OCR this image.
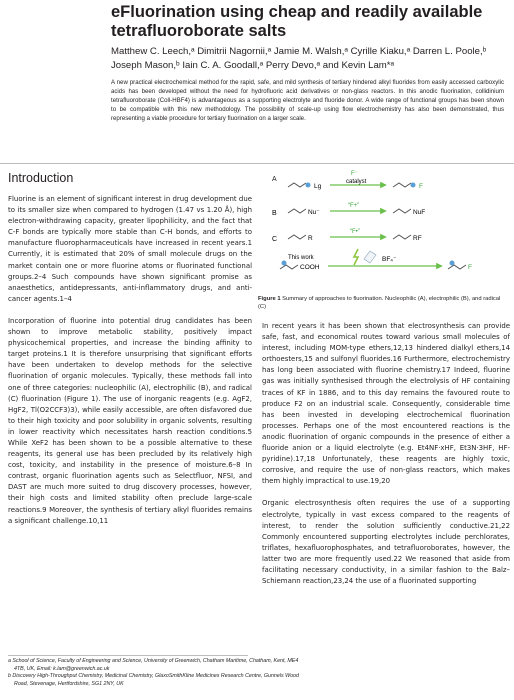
eFluorination using cheap and readily available tetrafluoroborate salts
Matthew C. Leech,ᵃ Dimitrii Nagornii,ᵃ Jamie M. Walsh,ᵃ Cyrille Kiaku,ᵃ Darren L. Poole,ᵇ
Joseph Mason,ᵇ Iain C. A. Goodall,ᵃ Perry Devo,ᵃ and Kevin Lam*ᵃ
A new practical electrochemical method for the rapid, safe, and mild synthesis of tertiary hindered alkyl fluorides from easily accessed carboxylic acids has been developed without the need for hydrofluoric acid derivatives or non-glass reactors. In this anodic fluorination, collidinium tetrafluoroborate (Coll-HBF4) is advantageous as a supporting electrolyte and fluoride donor. A wide range of functional groups has been shown to be compatible with this new methodology. The possibility of scale-up using flow electrochemistry has also been demonstrated, thus representing a viable procedure for tertiary fluorination on a larger scale.
Introduction

Fluorine is an element of significant interest in drug development due to its smaller size when compared to hydrogen (1.47 vs 1.20 Å), high electron-withdrawing capacity, greater lipophilicity, and the fact that C-F bonds are typically more stable than C-H bonds, and efforts to manufacture fluoropharmaceuticals have increased in recent years.1 Currently, it is estimated that 20% of small molecule drugs on the market contain one or more fluorine atoms or fluorinated functional groups.2–4 Such compounds have shown significant promise as anaesthetics, antidepressants, anti-inflammatory drugs, and anti-cancer agents.1–4

Incorporation of fluorine into potential drug candidates has been shown to improve metabolic stability, positively impact physicochemical properties, and increase the binding affinity to target proteins.1 It is therefore unsurprising that significant efforts have been undertaken to develop methods for the selective fluorination of organic molecules. Typically, these methods fall into one of three categories: nucleophilic (A), electrophilic (B), and radical (C) fluorination (Figure 1). The use of inorganic reagents (e.g. AgF2, HgF2, Tl(O2CCF3)3), while easily accessible, are often disfavored due to their high toxicity and poor solubility in organic solvents, resulting in lower reactivity which necessitates harsh reaction conditions.5 While XeF2 has been shown to be a possible alternative to these reagents, its general use has been precluded by its relatively high cost, toxicity, and instability in the presence of moisture.6–8 In contrast, organic fluorination agents such as Selectfluor, NFSI, and DAST are much more suited to drug discovery processes, however, their high costs and limited stability often preclude large-scale reactions.9 Moreover, the synthesis of tertiary alkyl fluorides remains a significant challenge.10,11

A
Lg
F⁻
catalyst
F
B	Nu⁻
“F+”
NuF
C	R
“F•”
RF
This work
COOH
BF₄⁻
F
Figure 1 Summary of approaches to fluorination. Nucleophilic (A), electrophilic (B), and radical (C)

In recent years it has been shown that electrosynthesis can provide safe, fast, and economical routes toward various small molecules of interest, including MOM-type ethers,12,13 hindered dialkyl ethers,14 orthoesters,15 and sulfonyl fluorides.16 Furthermore, electrochemistry has long been associated with fluorine chemistry.17 Indeed, fluorine gas was initially synthesised through the electrolysis of HF containing traces of KF in 1886, and to this day remains the favoured route to produce F2 on an industrial scale. Consequently, considerable time has been invested in developing electrochemical fluorination processes. Perhaps one of the most encountered reactions is the anodic fluorination of organic compounds in the presence of either a fluoride anion or a liquid electrolyte (e.g. Et4NF·xHF, Et3N·3HF, HF-pyridine).17,18 Unfortunately, these reagents are highly toxic, corrosive, and require the use of non-glass reactors, which makes them highly impractical to use.19,20

Organic electrosynthesis often requires the use of a supporting electrolyte, typically in vast excess compared to the reagents of interest, to render the solution sufficiently conductive.21,22 Commonly encountered supporting electrolytes include perchlorates, triflates, hexafluorophosphates, and tetrafluoroborates, however, the latter two are more frequently used.22 We reasoned that aside from facilitating necessary conductivity, in a similar fashion to the Balz–Schiemann reaction,23,24 the use of a fluorinated supporting

a School of Science, Faculty of Engineering and Science, University of Greenwich, Chatham Maritime, Chatham, Kent, ME4 4TB, UK, Email: k.lam@greenwich.ac.uk
b Discovery High-Throughput Chemistry, Medicinal Chemistry, GlaxoSmithKline Medicines Research Centre, Gunnels Wood Road, Stevenage, Hertfordshire, SG1 2NY, UK
